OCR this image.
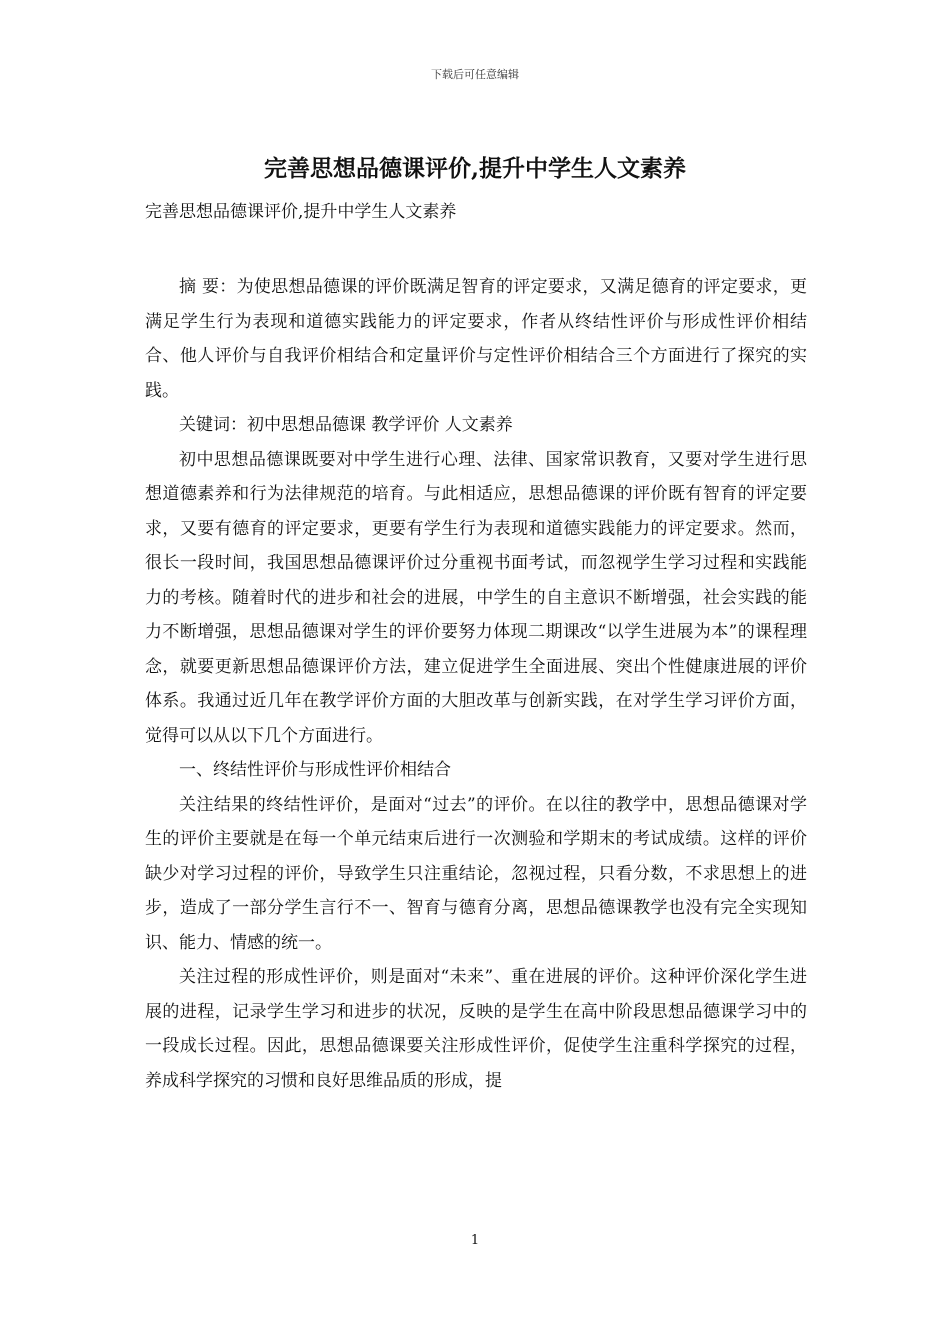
下载后可任意编辑
完善思想品德课评价,提升中学生人文素养

完善思想品德课评价,提升中学生人文素养

摘 要：为使思想品德课的评价既满足智育的评定要求，又满足德育的评定要求，更满足学生行为表现和道德实践能力的评定要求，作者从终结性评价与形成性评价相结合、他人评价与自我评价相结合和定量评价与定性评价相结合三个方面进行了探究的实践。

关键词：初中思想品德课 教学评价 人文素养

初中思想品德课既要对中学生进行心理、法律、国家常识教育，又要对学生进行思想道德素养和行为法律规范的培育。与此相适应，思想品德课的评价既有智育的评定要求，又要有德育的评定要求，更要有学生行为表现和道德实践能力的评定要求。然而，很长一段时间，我国思想品德课评价过分重视书面考试，而忽视学生学习过程和实践能力的考核。随着时代的进步和社会的进展，中学生的自主意识不断增强，社会实践的能力不断增强，思想品德课对学生的评价要努力体现二期课改“以学生进展为本”的课程理念，就要更新思想品德课评价方法，建立促进学生全面进展、突出个性健康进展的评价体系。我通过近几年在教学评价方面的大胆改革与创新实践，在对学生学习评价方面，觉得可以从以下几个方面进行。

一、终结性评价与形成性评价相结合

关注结果的终结性评价，是面对“过去”的评价。在以往的教学中，思想品德课对学生的评价主要就是在每一个单元结束后进行一次测验和学期末的考试成绩。这样的评价缺少对学习过程的评价，导致学生只注重结论，忽视过程，只看分数，不求思想上的进步，造成了一部分学生言行不一、智育与德育分离，思想品德课教学也没有完全实现知识、能力、情感的统一。

关注过程的形成性评价，则是面对“未来”、重在进展的评价。这种评价深化学生进展的进程，记录学生学习和进步的状况，反映的是学生在高中阶段思想品德课学习中的一段成长过程。因此，思想品德课要关注形成性评价，促使学生注重科学探究的过程，养成科学探究的习惯和良好思维品质的形成，提

1
